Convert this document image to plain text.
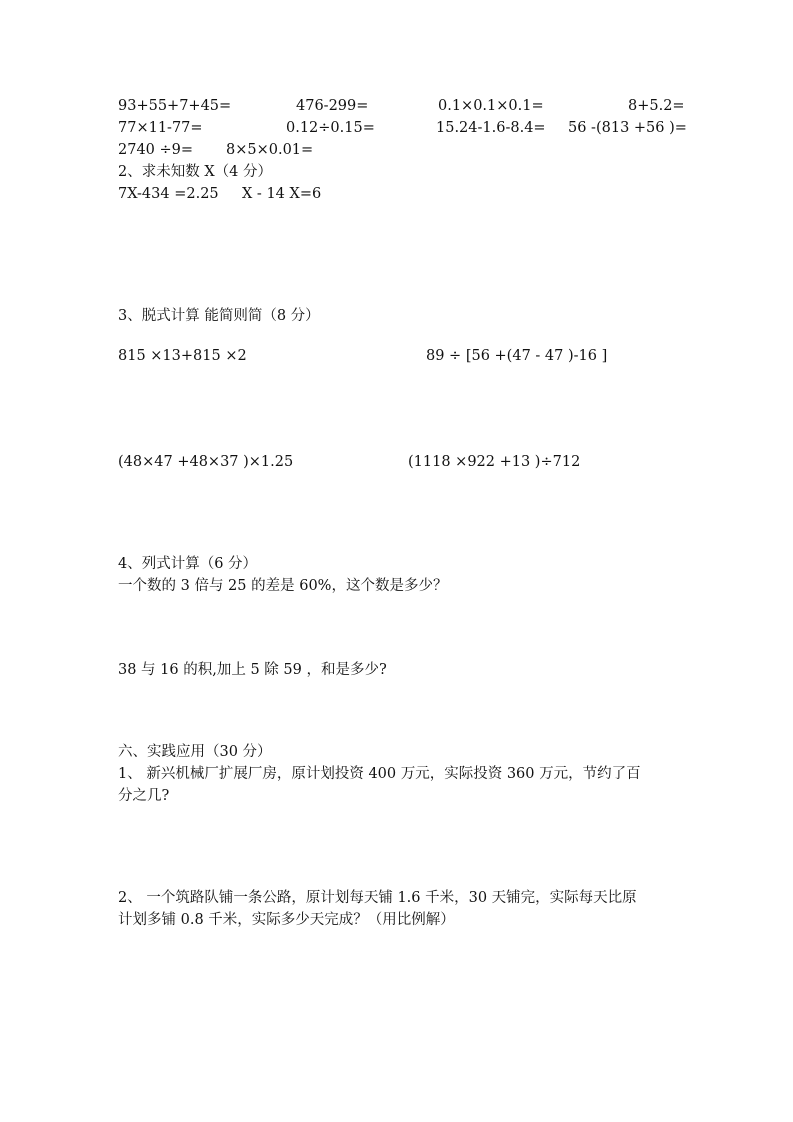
93+55+7+45=	476-299=	0.1×0.1×0.1=	8+5.2=
77×11-77=	0.12÷0.15=	15.24-1.6-8.4= 56 -(813 +56 )=
2740 ÷9= 8×5×0.01=
2、求未知数 X（4 分）
7X-434 =2.25 X - 14 X=6
3、脱式计算 能简则简（8 分）
815 ×13+815 ×2	89 ÷ [56 +(47 - 47 )-16 ]
(48×47 +48×37 )×1.25	(1118 ×922 +13 )÷712
4、列式计算（6 分）
一个数的 3 倍与 25 的差是 60%，这个数是多少？
38 与 16 的积,加上 5 除 59 ，和是多少?
六、实践应用（30 分）
1、 新兴机械厂扩展厂房，原计划投资 400 万元，实际投资 360 万元，节约了百
分之几?
2、 一个筑路队铺一条公路，原计划每天铺 1.6 千米，30 天铺完，实际每天比原
计划多铺 0.8 千米，实际多少天完成？（用比例解）
